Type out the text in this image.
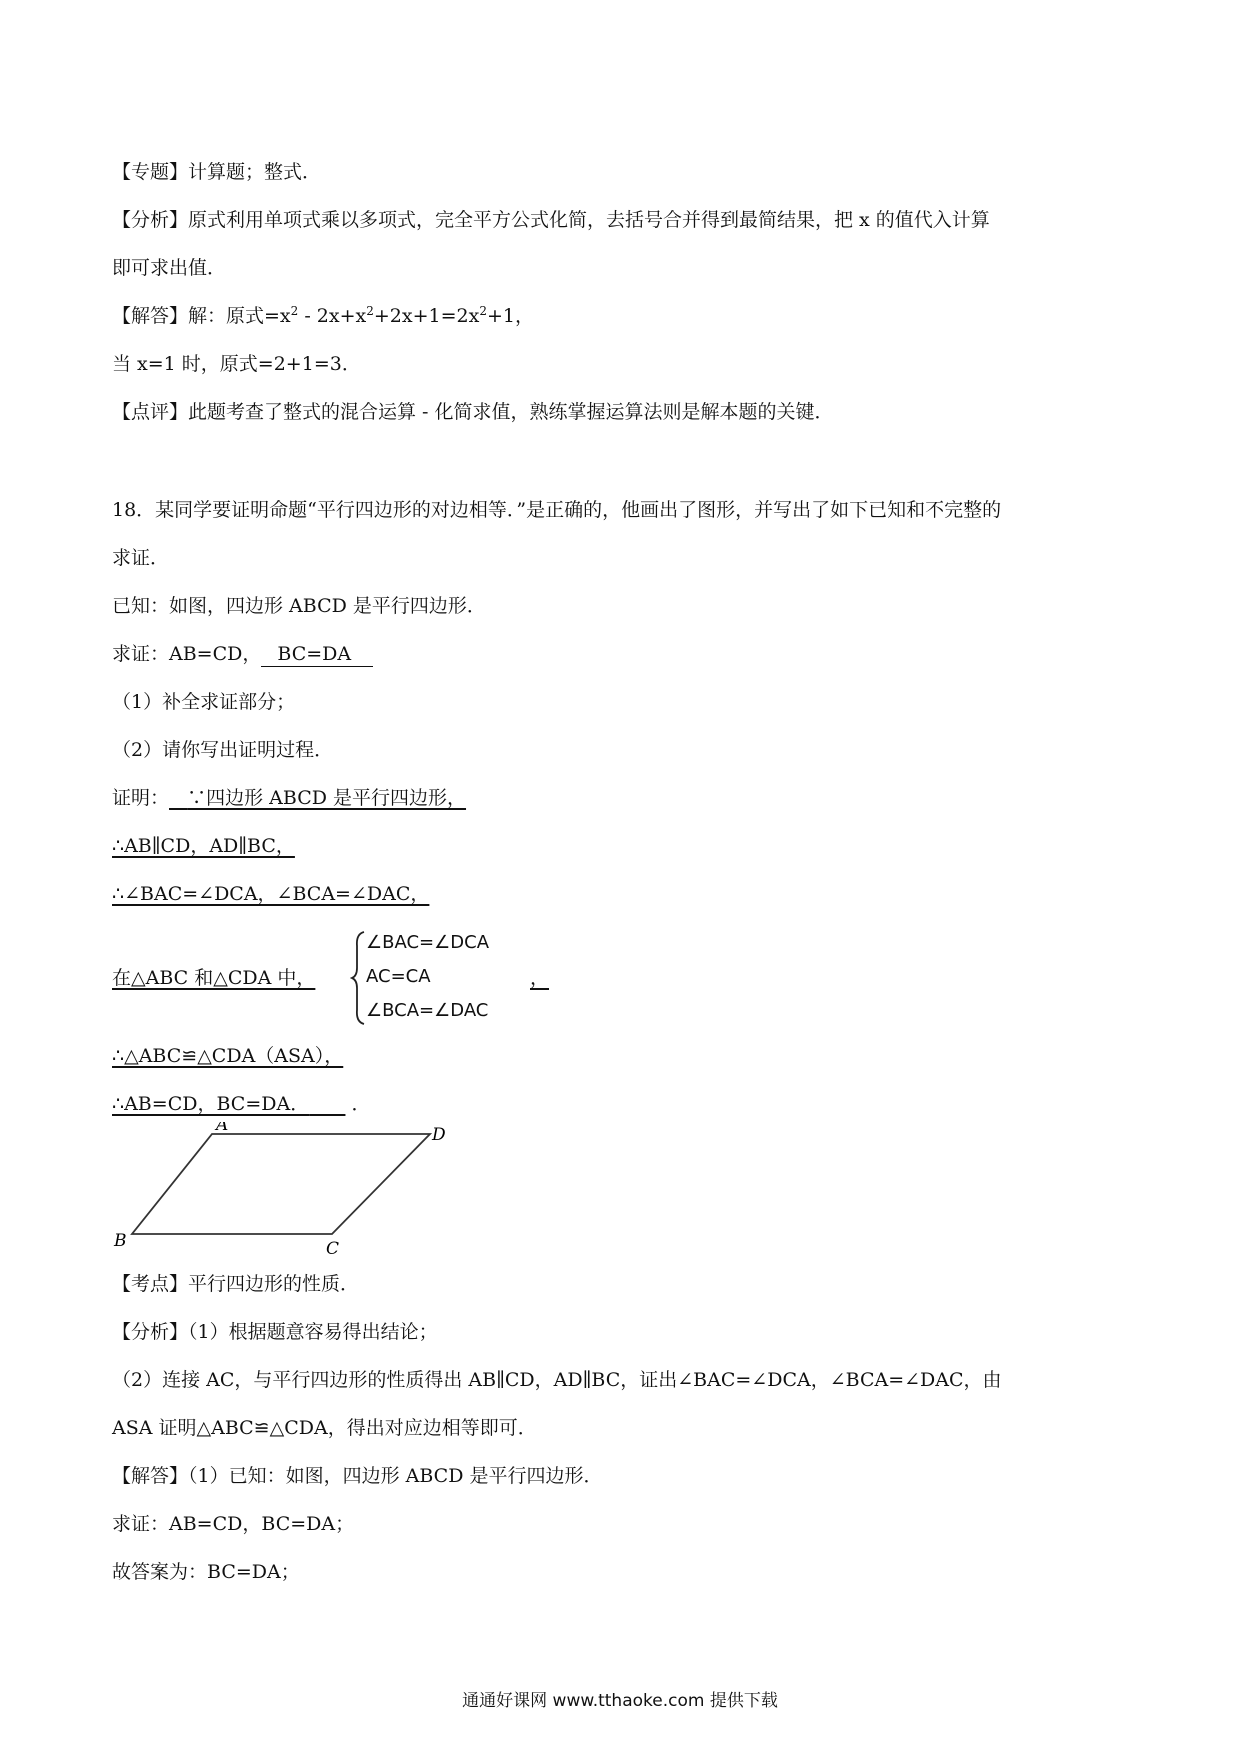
【专题】计算题；整式．
【分析】原式利用单项式乘以多项式，完全平方公式化简，去括号合并得到最简结果，把 x 的值代入计算
即可求出值．
【解答】解：原式$=x^2 - 2x+x^2+2x+1=2x^2+1$，
当 x=1 时，原式=2+1=3．
【点评】此题考查了整式的混合运算 - 化简求值，熟练掌握运算法则是解本题的关键．
18．某同学要证明命题“平行四边形的对边相等．”是正确的，他画出了图形，并写出了如下已知和不完整的
求证．
已知：如图，四边形 ABCD 是平行四边形．
求证：AB=CD， BC=DA
（1）补全求证部分；
（2）请你写出证明过程．
证明： ∵四边形 ABCD 是平行四边形，
∴AB∥CD，AD∥BC，
∴∠BAC=∠DCA，∠BCA=∠DAC，
在△ABC 和△CDA 中，
∠BAC=∠DCA
AC=CA
∠BCA=∠DAC
，
∴△ABC≌△CDA（ASA），
∴AB=CD，BC=DA． ．
A	D
B	C
【考点】平行四边形的性质．
【分析】（1）根据题意容易得出结论；
（2）连接 AC，与平行四边形的性质得出 AB∥CD，AD∥BC，证出∠BAC=∠DCA，∠BCA=∠DAC，由
ASA 证明△ABC≌△CDA，得出对应边相等即可．
【解答】（1）已知：如图，四边形 ABCD 是平行四边形．
求证：AB=CD，BC=DA；
故答案为：BC=DA；
通通好课网 www.tthaoke.com 提供下载
